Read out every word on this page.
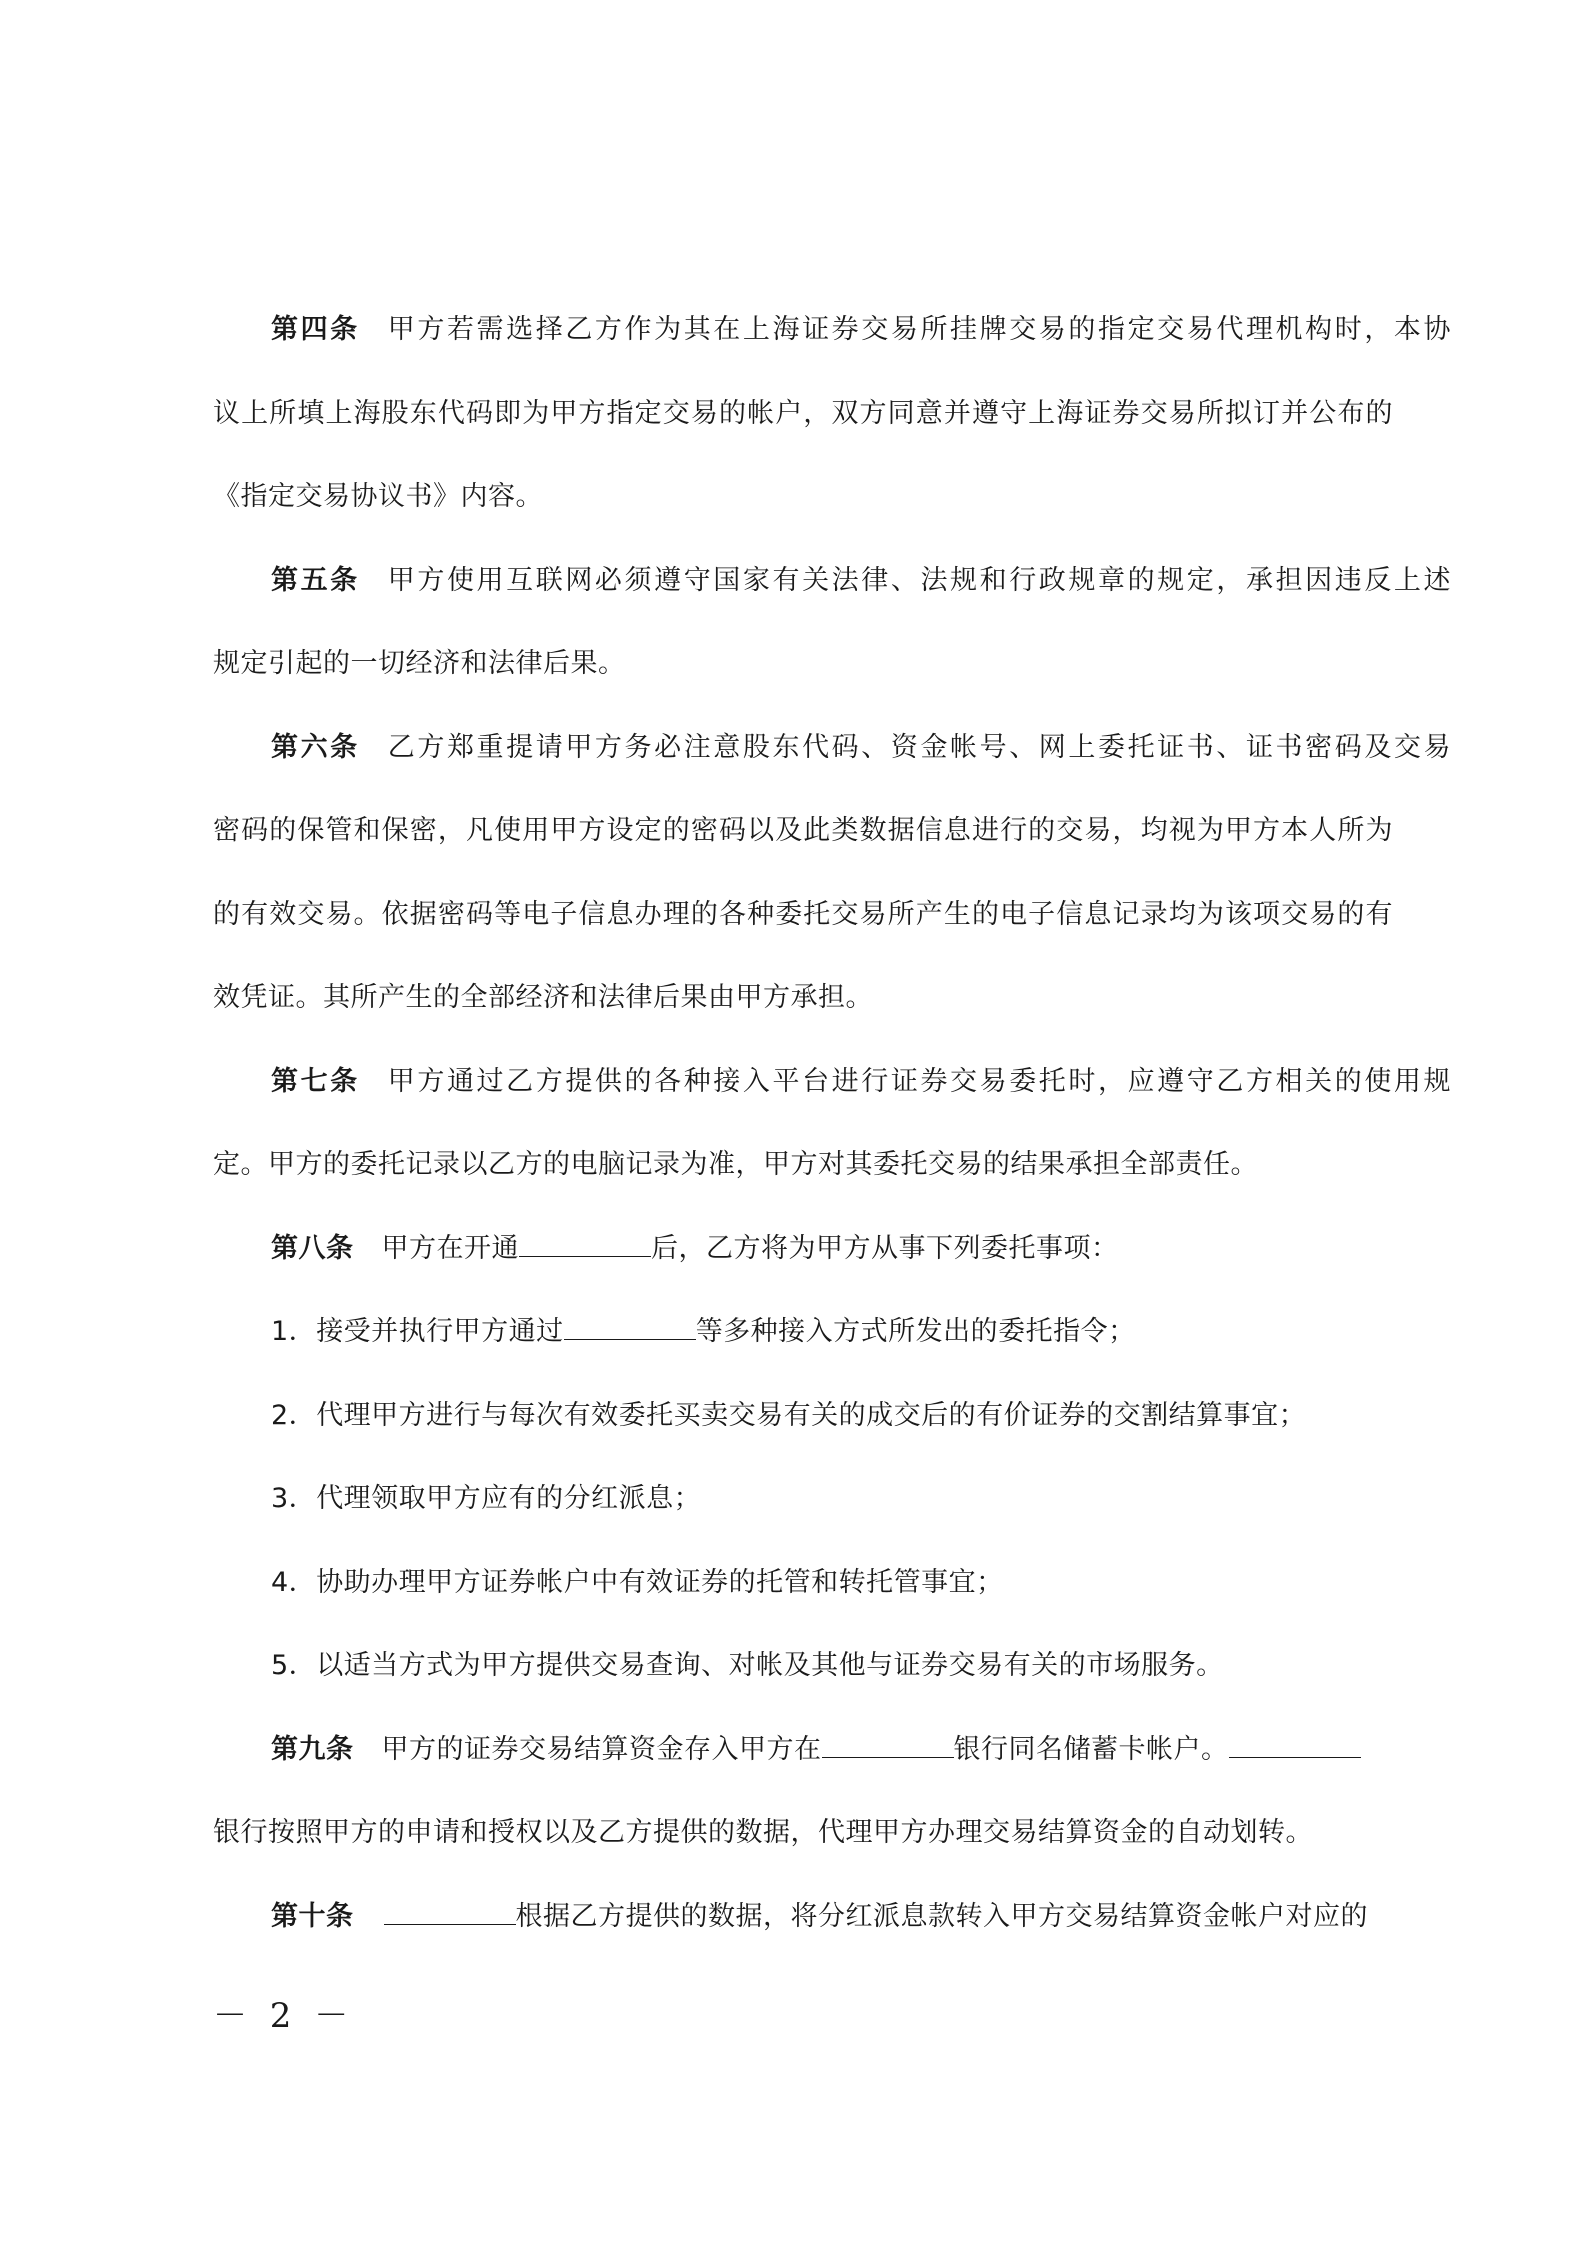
第四条 甲方若需选择乙方作为其在上海证券交易所挂牌交易的指定交易代理机构时，本协
议上所填上海股东代码即为甲方指定交易的帐户，双方同意并遵守上海证券交易所拟订并公布的
《指定交易协议书》内容。
第五条 甲方使用互联网必须遵守国家有关法律、法规和行政规章的规定，承担因违反上述
规定引起的一切经济和法律后果。
第六条 乙方郑重提请甲方务必注意股东代码、资金帐号、网上委托证书、证书密码及交易
密码的保管和保密，凡使用甲方设定的密码以及此类数据信息进行的交易，均视为甲方本人所为
的有效交易。依据密码等电子信息办理的各种委托交易所产生的电子信息记录均为该项交易的有
效凭证。其所产生的全部经济和法律后果由甲方承担。
第七条 甲方通过乙方提供的各种接入平台进行证券交易委托时，应遵守乙方相关的使用规
定。甲方的委托记录以乙方的电脑记录为准，甲方对其委托交易的结果承担全部责任。
第八条 甲方在开通	后，乙方将为甲方从事下列委托事项：
1．接受并执行甲方通过	等多种接入方式所发出的委托指令；
2．代理甲方进行与每次有效委托买卖交易有关的成交后的有价证券的交割结算事宜；
3．代理领取甲方应有的分红派息；
4．协助办理甲方证券帐户中有效证券的托管和转托管事宜；
5．以适当方式为甲方提供交易查询、对帐及其他与证券交易有关的市场服务。
第九条 甲方的证券交易结算资金存入甲方在	银行同名储蓄卡帐户。
银行按照甲方的申请和授权以及乙方提供的数据，代理甲方办理交易结算资金的自动划转。
第十条	根据乙方提供的数据，将分红派息款转入甲方交易结算资金帐户对应的
－ 2 －
